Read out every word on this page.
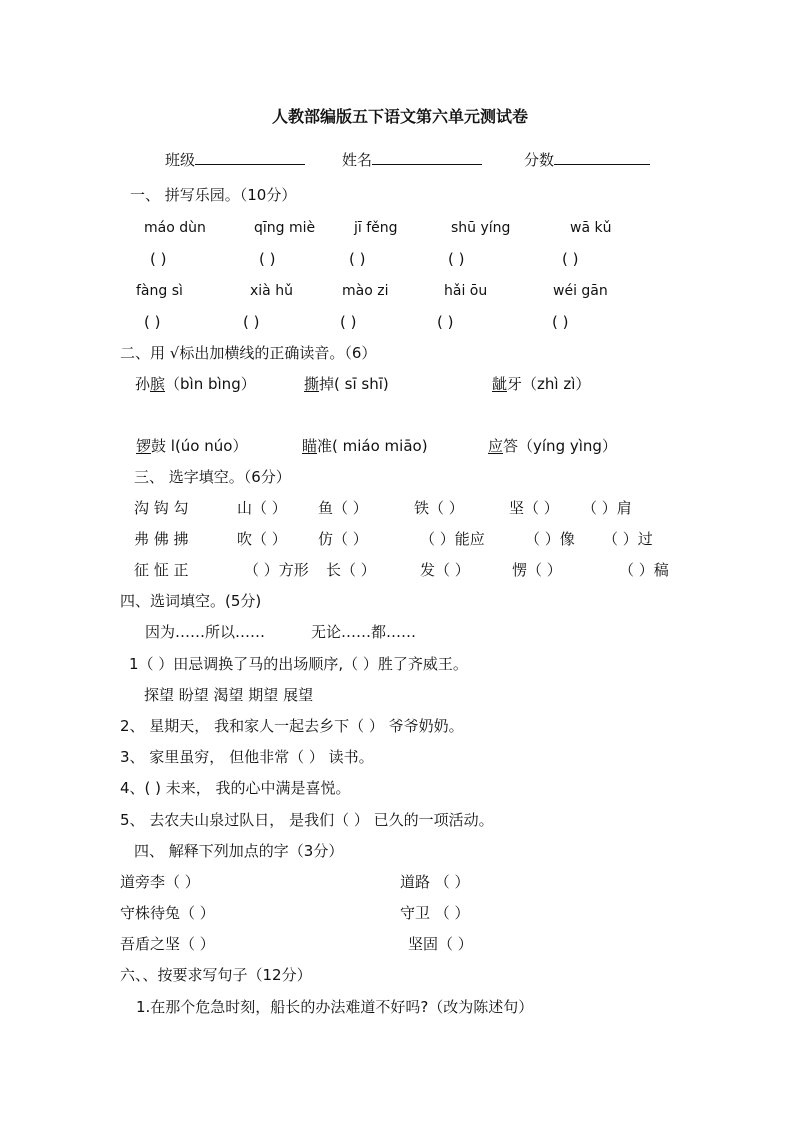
人教部编版五下语文第六单元测试卷
班级	姓名	分数
一、 拼写乐园。（10分）
máo dùn	qīng miè	jī fěng	shū yíng	wā kǔ
( )	( )	( )	( )	( )
fàng sì	xià hǔ	mào zi	hǎi ōu	wéi gān
( )	( )	( )	( )	( )
二、用 √标出加横线的正确读音。（6）
孙膑（bìn bìng）	撕掉( sī shī)	龇牙（zhì zì）
锣鼓 l(úo núo）	瞄准( miáo miāo)	应答（yíng yìng）
三、 选字填空。（6分）
沟 钩 勾	山（ ） 鱼（ ）	铁（ ）	坚（ ） （ ）肩
弗 佛 拂	吹（ ） 仿（ ）	（ ）能应	（ ）像 （ ）过
征 怔 正	（ ）方形 长（ ）	发（ ）	愣（ ）	（ ）稿
四、选词填空。(5分)
因为……所以……	无论……都……
1（ ）田忌调换了马的出场顺序,（ ）胜了齐威王。
探望 盼望 渴望 期望 展望
2、 星期天， 我和家人一起去乡下（ ） 爷爷奶奶。
3、 家里虽穷， 但他非常（ ） 读书。
4、( ) 未来， 我的心中满是喜悦。
5、 去农夫山泉过队日， 是我们（ ） 已久的一项活动。
四、 解释下列加点的字（3分）
道旁李（ ）	道路 （ ）
守株待兔（ ）	守卫 （ ）
吾盾之坚（ ）	坚固（ ）
六、、按要求写句子（12分）
1.在那个危急时刻，船长的办法难道不好吗?（改为陈述句）
